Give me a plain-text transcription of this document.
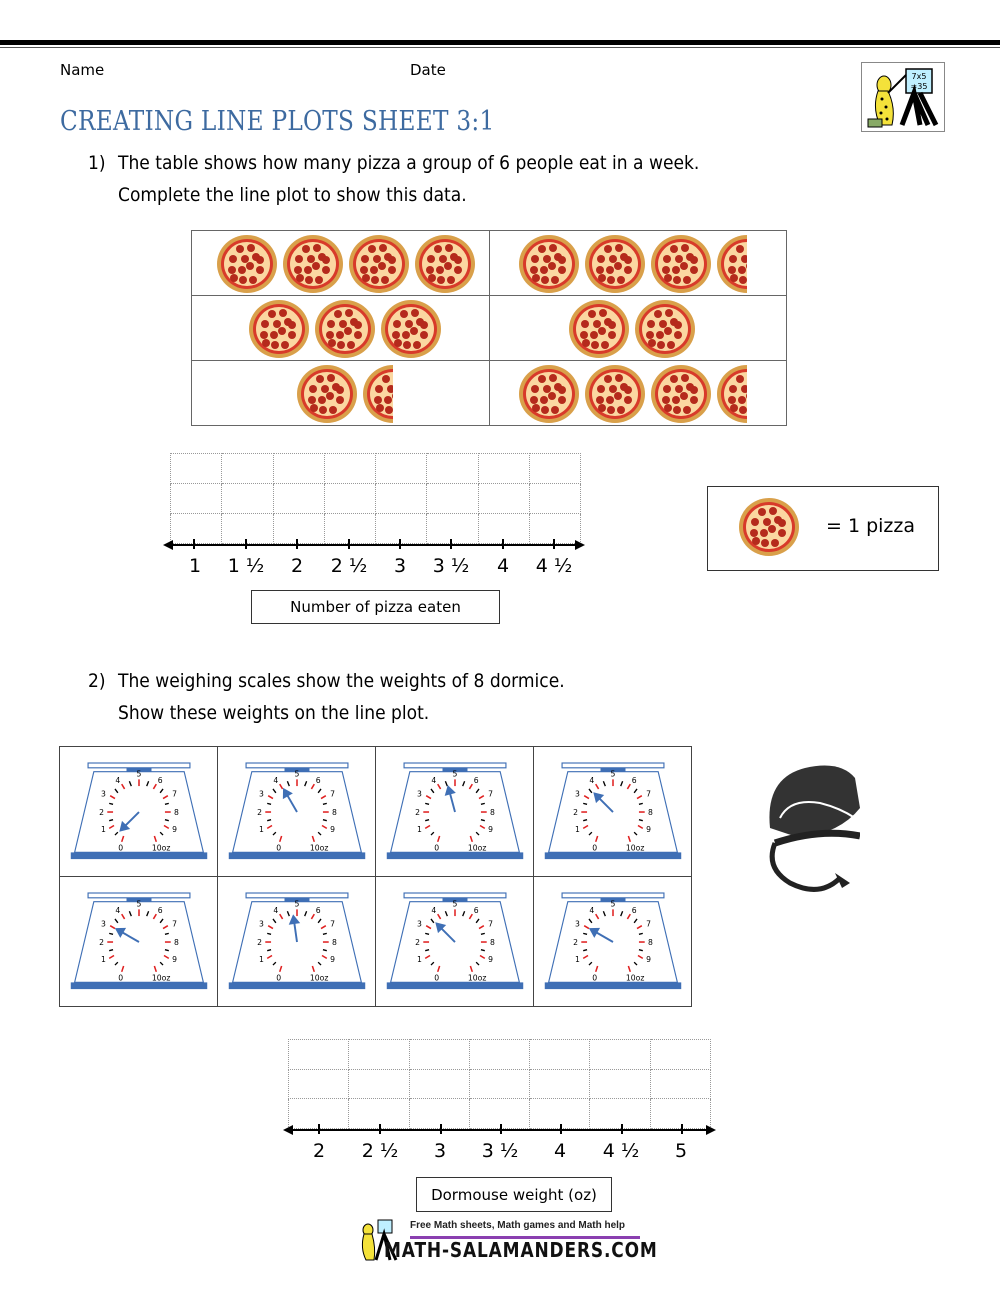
Name	Date
CREATING LINE PLOTS SHEET 3:1
7x5
=35
1) The table shows how many pizza a group of 6 people eat in a week.
Complete the line plot to show this data.

1 1 ½ 2 2 ½ 3 3 ½ 4 4 ½
Number of pizza eaten
= 1 pizza
2) The weighing scales show the weights of 8 dormice.
Show these weights on the line plot.

2 2 ½ 3 3 ½ 4 4 ½ 5
Dormouse weight (oz)
Free Math sheets, Math games and Math help
MATH-SALAMANDERS.COM
